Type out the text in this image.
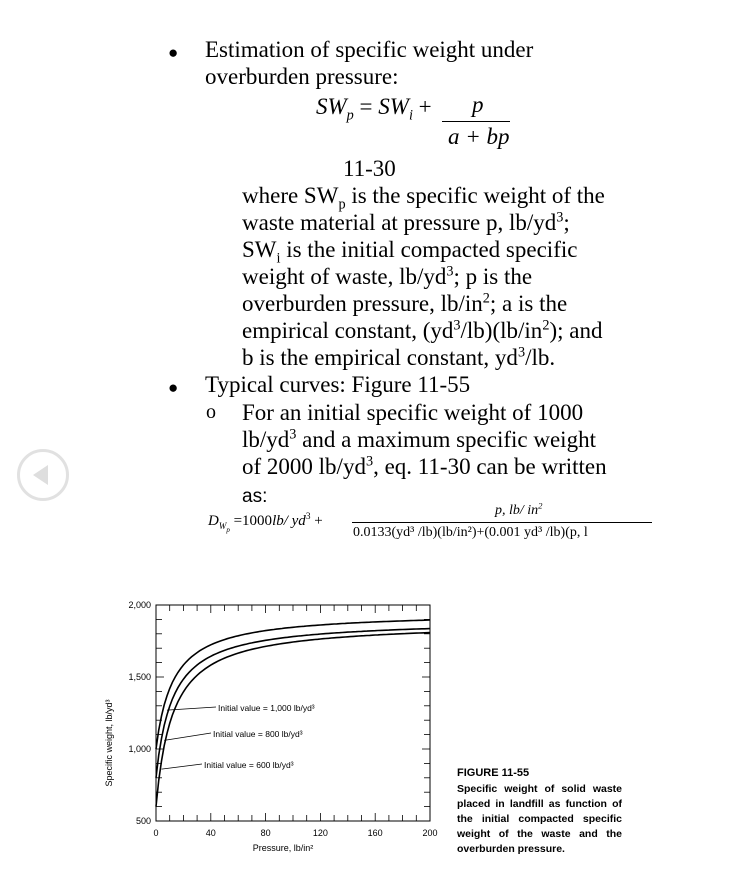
● Estimation of specific weight under
overburden pressure:
$SW_p = SW_i + p$
a + bp
11-30
where $SW_p$ is the specific weight of the
waste material at pressure p, $lb/yd^3$;
$SW_i$ is the initial compacted specific
weight of waste, $lb/yd^3$; p is the
overburden pressure, $lb/in^2$; a is the
empirical constant, $(yd^3/lb)(lb/in^2)$; and
b is the empirical constant, $yd^3/lb$.
● Typical curves: Figure 11-55
o For an initial specific weight of 1000
$lb/yd^3$ and a maximum specific weight
of 2000 $lb/yd^3$, eq. 11-30 can be written
as:
$D_{W_p} =1000lb/$ $yd^3$ +
p, lb/ $in^2$
0.0133(yd³ /lb)(lb/in²)+(0.001 yd³ /lb)(p, l
0	40	80	120	160	200
500
1,000
1,500
2,000
Pressure, lb/in²
Specific weight, lb/yd³	Initial value = 1,000 lb/yd³
Initial value = 800 lb/yd³
Initial value = 600 lb/yd³
FIGURE 11-55
Specific weight of solid waste placed in landfill as function of the initial compacted specific weight of the waste and the overburden pressure.
